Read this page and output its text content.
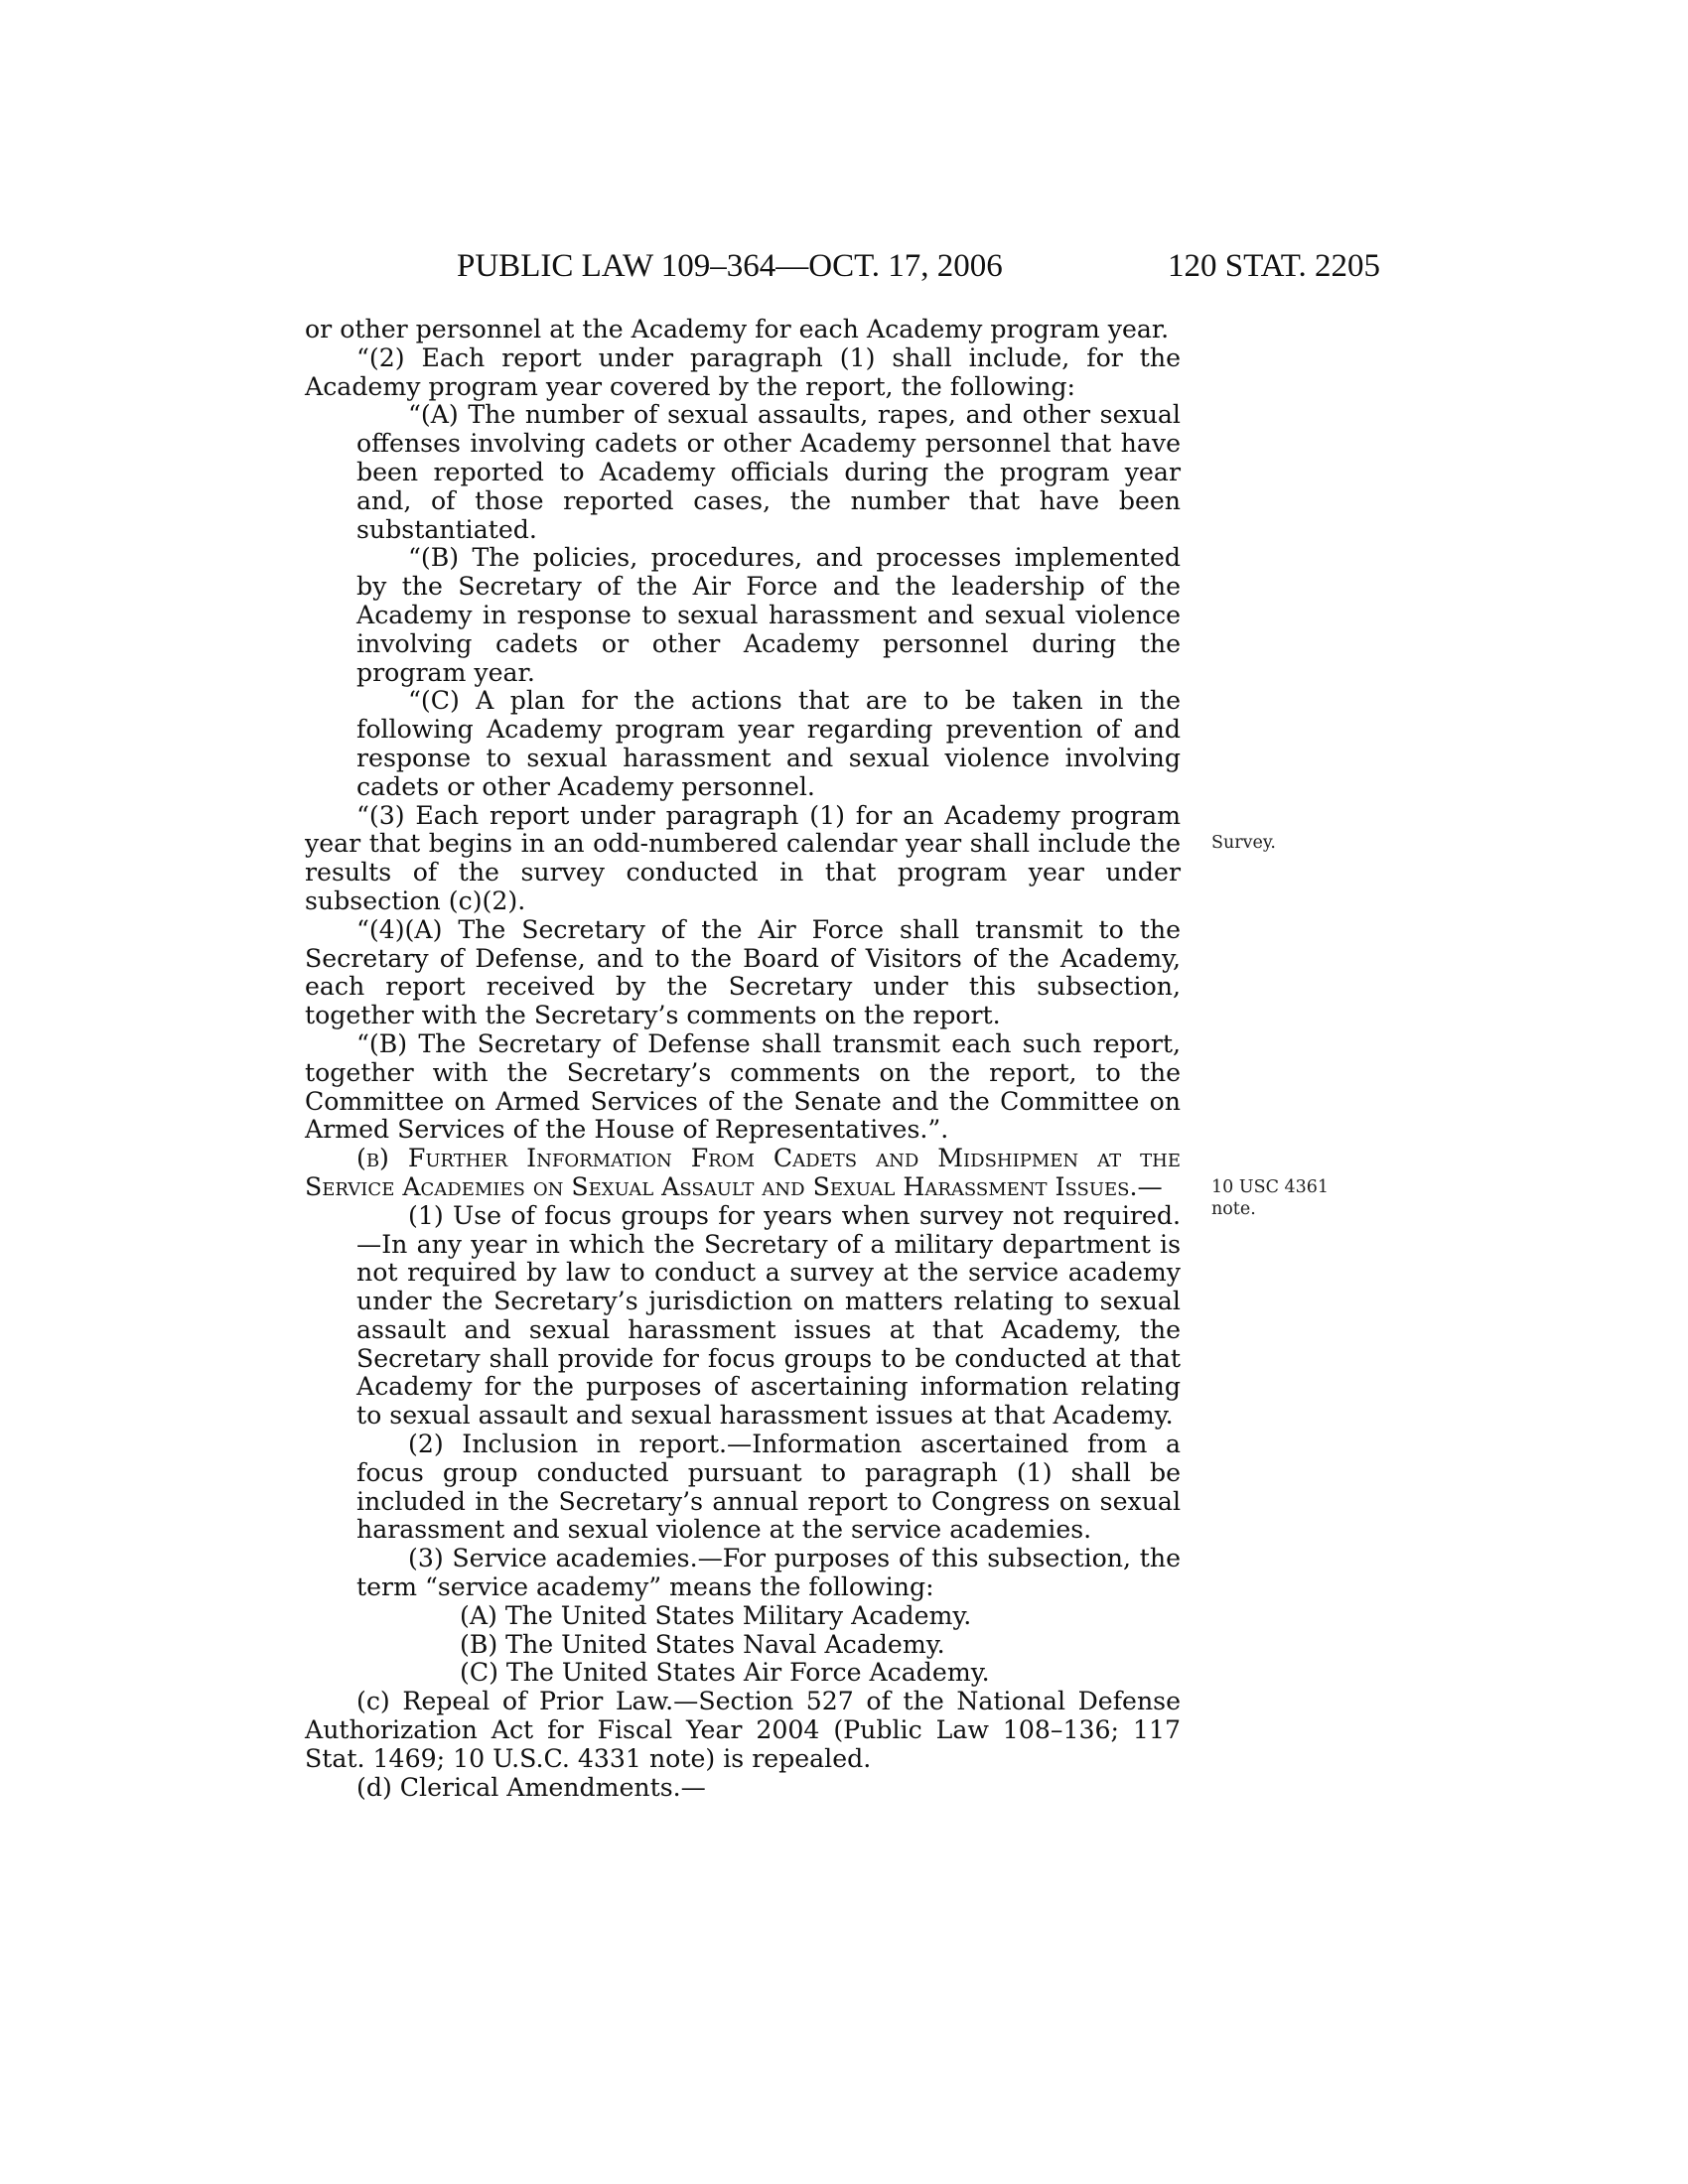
PUBLIC LAW 109–364—OCT. 17, 2006	120 STAT. 2205

or other personnel at the Academy for each Academy program year.

“(2) Each report under paragraph (1) shall include, for the Academy program year covered by the report, the following:

“(A) The number of sexual assaults, rapes, and other sexual offenses involving cadets or other Academy personnel that have been reported to Academy officials during the program year and, of those reported cases, the number that have been substantiated.

“(B) The policies, procedures, and processes implemented by the Secretary of the Air Force and the leadership of the Academy in response to sexual harassment and sexual violence involving cadets or other Academy personnel during the program year.

“(C) A plan for the actions that are to be taken in the following Academy program year regarding prevention of and response to sexual harassment and sexual violence involving cadets or other Academy personnel.

“(3) Each report under paragraph (1) for an Academy program year that begins in an odd-numbered calendar year shall include the results of the survey conducted in that program year under subsection (c)(2).

“(4)(A) The Secretary of the Air Force shall transmit to the Secretary of Defense, and to the Board of Visitors of the Academy, each report received by the Secretary under this subsection, together with the Secretary’s comments on the report.

“(B) The Secretary of Defense shall transmit each such report, together with the Secretary’s comments on the report, to the Committee on Armed Services of the Senate and the Committee on Armed Services of the House of Representatives.”.

(b) Further Information From Cadets and Midshipmen at the Service Academies on Sexual Assault and Sexual Harassment Issues.—

(1) Use of focus groups for years when survey not required.—In any year in which the Secretary of a military department is not required by law to conduct a survey at the service academy under the Secretary’s jurisdiction on matters relating to sexual assault and sexual harassment issues at that Academy, the Secretary shall provide for focus groups to be conducted at that Academy for the purposes of ascertaining information relating to sexual assault and sexual harassment issues at that Academy.

(2) Inclusion in report.—Information ascertained from a focus group conducted pursuant to paragraph (1) shall be included in the Secretary’s annual report to Congress on sexual harassment and sexual violence at the service academies.

(3) Service academies.—For purposes of this subsection, the term “service academy” means the following:

(A) The United States Military Academy.

(B) The United States Naval Academy.

(C) The United States Air Force Academy.

(c) Repeal of Prior Law.—Section 527 of the National Defense Authorization Act for Fiscal Year 2004 (Public Law 108–136; 117 Stat. 1469; 10 U.S.C. 4331 note) is repealed.

(d) Clerical Amendments.—

Survey.
10 USC 4361
note.
